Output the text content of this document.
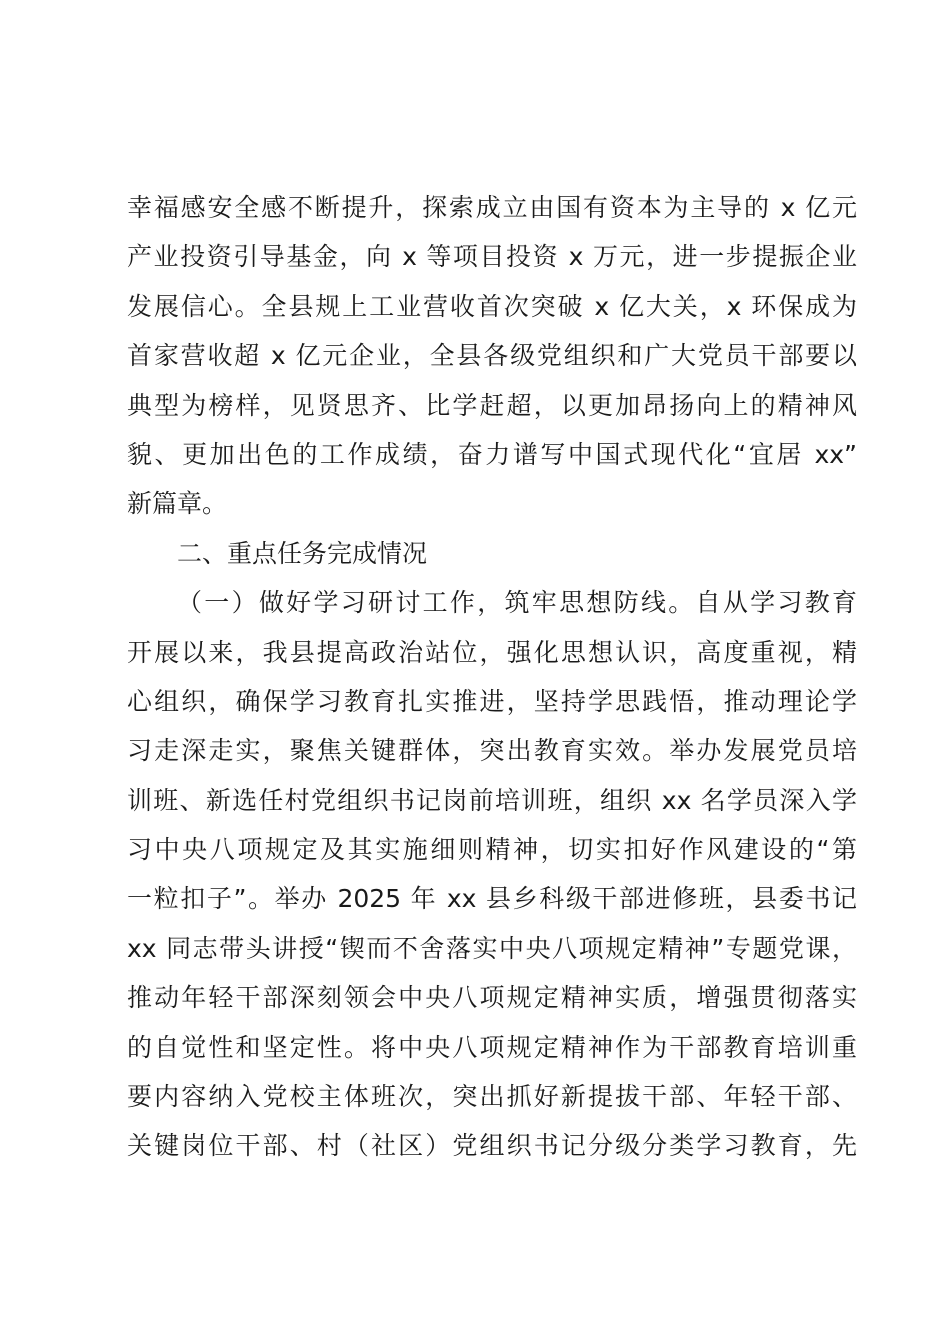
幸福感安全感不断提升，探索成立由国有资本为主导的 x 亿元
产业投资引导基金，向 x 等项目投资 x 万元，进一步提振企业
发展信心。全县规上工业营收首次突破 x 亿大关，x 环保成为
首家营收超 x 亿元企业，全县各级党组织和广大党员干部要以
典型为榜样，见贤思齐、比学赶超，以更加昂扬向上的精神风
貌、更加出色的工作成绩，奋力谱写中国式现代化“宜居 xx”
新篇章。
二、重点任务完成情况
（一）做好学习研讨工作，筑牢思想防线。自从学习教育
开展以来，我县提高政治站位，强化思想认识，高度重视，精
心组织，确保学习教育扎实推进，坚持学思践悟，推动理论学
习走深走实，聚焦关键群体，突出教育实效。举办发展党员培
训班、新选任村党组织书记岗前培训班，组织 xx 名学员深入学
习中央八项规定及其实施细则精神，切实扣好作风建设的“第
一粒扣子”。举办 2025 年 xx 县乡科级干部进修班，县委书记
xx 同志带头讲授“锲而不舍落实中央八项规定精神”专题党课，
推动年轻干部深刻领会中央八项规定精神实质，增强贯彻落实
的自觉性和坚定性。将中央八项规定精神作为干部教育培训重
要内容纳入党校主体班次，突出抓好新提拔干部、年轻干部、
关键岗位干部、村（社区）党组织书记分级分类学习教育，先
